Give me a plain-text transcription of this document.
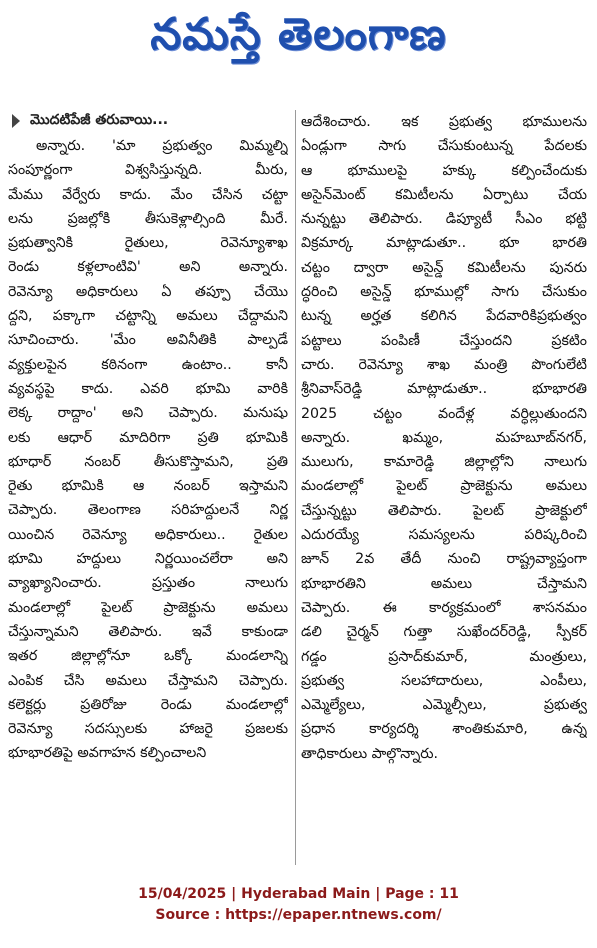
నమస్తే తెలంగాణ
మొదటిపేజీ తరువాయి...
అన్నారు. 'మా ప్రభుత్వం మిమ్మల్ని
సంపూర్ణంగా విశ్వసిస్తున్నది. మీరు,
మేము వేర్వేరు కాదు. మేం చేసిన చట్టా
లను ప్రజల్లోకి తీసుకెళ్లాల్సింది మీరే.
ప్రభుత్వానికి రైతులు, రెవెన్యూశాఖ
రెండు కళ్లలాంటివి' అని అన్నారు.
రెవెన్యూ అధికారులు ఏ తప్పూ చేయొ
ద్దని, పక్కాగా చట్టాన్ని అమలు చేద్దామని
సూచించారు. 'మేం అవినీతికి పాల్పడే
వ్యక్తులపైన కఠినంగా ఉంటాం.. కానీ
వ్యవస్థపై కాదు. ఎవరి భూమి వారికి
లెక్క రాద్దాం' అని చెప్పారు. మనుషు
లకు ఆధార్ మాదిరిగా ప్రతి భూమికి
భూధార్ నంబర్ తీసుకొస్తామని, ప్రతి
రైతు భూమికి ఆ నంబర్ ఇస్తామని
చెప్పారు. తెలంగాణ సరిహద్దులనే నిర్ణ
యించిన రెవెన్యూ అధికారులు.. రైతుల
భూమి హద్దులు నిర్ణయించలేరా అని
వ్యాఖ్యానించారు. ప్రస్తుతం నాలుగు
మండలాల్లో పైలట్ ప్రాజెక్టును అమలు
చేస్తున్నామని తెలిపారు. ఇవే కాకుండా
ఇతర జిల్లాల్లోనూ ఒక్కో మండలాన్ని
ఎంపిక చేసి అమలు చేస్తామని చెప్పారు.
కలెక్టర్లు ప్రతిరోజు రెండు మండలాల్లో
రెవెన్యూ సదస్సులకు హాజరై ప్రజలకు
భూభారతిపై అవగాహన కల్పించాలని
ఆదేశించారు. ఇక ప్రభుత్వ భూములను
ఏండ్లుగా సాగు చేసుకుంటున్న పేదలకు
ఆ భూములపై హక్కు కల్పించేందుకు
అసైన్‌మెంట్ కమిటీలను ఏర్పాటు చేయ
నున్నట్టు తెలిపారు. డిప్యూటీ సీఎం భట్టి
విక్రమార్క మాట్లాడుతూ.. భూ భారతి
చట్టం ద్వారా అసైన్డ్ కమిటీలను పునరు
ద్ధరించి అసైన్డ్ భూముల్లో సాగు చేసుకుం
టున్న అర్హత కలిగిన పేదవారికిప్రభుత్వం
పట్టాలు పంపిణీ చేస్తుందని ప్రకటిం
చారు. రెవెన్యూ శాఖ మంత్రి పొంగులేటి
శ్రీనివాస్‌రెడ్డి మాట్లాడుతూ.. భూభారతి
2025 చట్టం వందేళ్ల వర్ధిల్లుతుందని
అన్నారు. ఖమ్మం, మహబూబ్‌నగర్,
ములుగు, కామారెడ్డి జిల్లాల్లోని నాలుగు
మండలాల్లో పైలట్ ప్రాజెక్టును అమలు
చేస్తున్నట్టు తెలిపారు. పైలట్ ప్రాజెక్టులో
ఎదురయ్యే సమస్యలను పరిష్కరించి
జూన్ 2వ తేదీ నుంచి రాష్ట్రవ్యాప్తంగా
భూభారతిని అమలు చేస్తామని
చెప్పారు. ఈ కార్యక్రమంలో శాసనమం
డలి చైర్మన్ గుత్తా సుఖేందర్‌రెడ్డి, స్పీకర్
గడ్డం ప్రసాద్‌కుమార్, మంత్రులు,
ప్రభుత్వ సలహాదారులు, ఎంపీలు,
ఎమ్మెల్యేలు, ఎమ్మెల్సీలు, ప్రభుత్వ
ప్రధాన కార్యదర్శి శాంతికుమారి, ఉన్న
తాధికారులు పాల్గొన్నారు.
15/04/2025 | Hyderabad Main | Page : 11
Source : https://epaper.ntnews.com/
